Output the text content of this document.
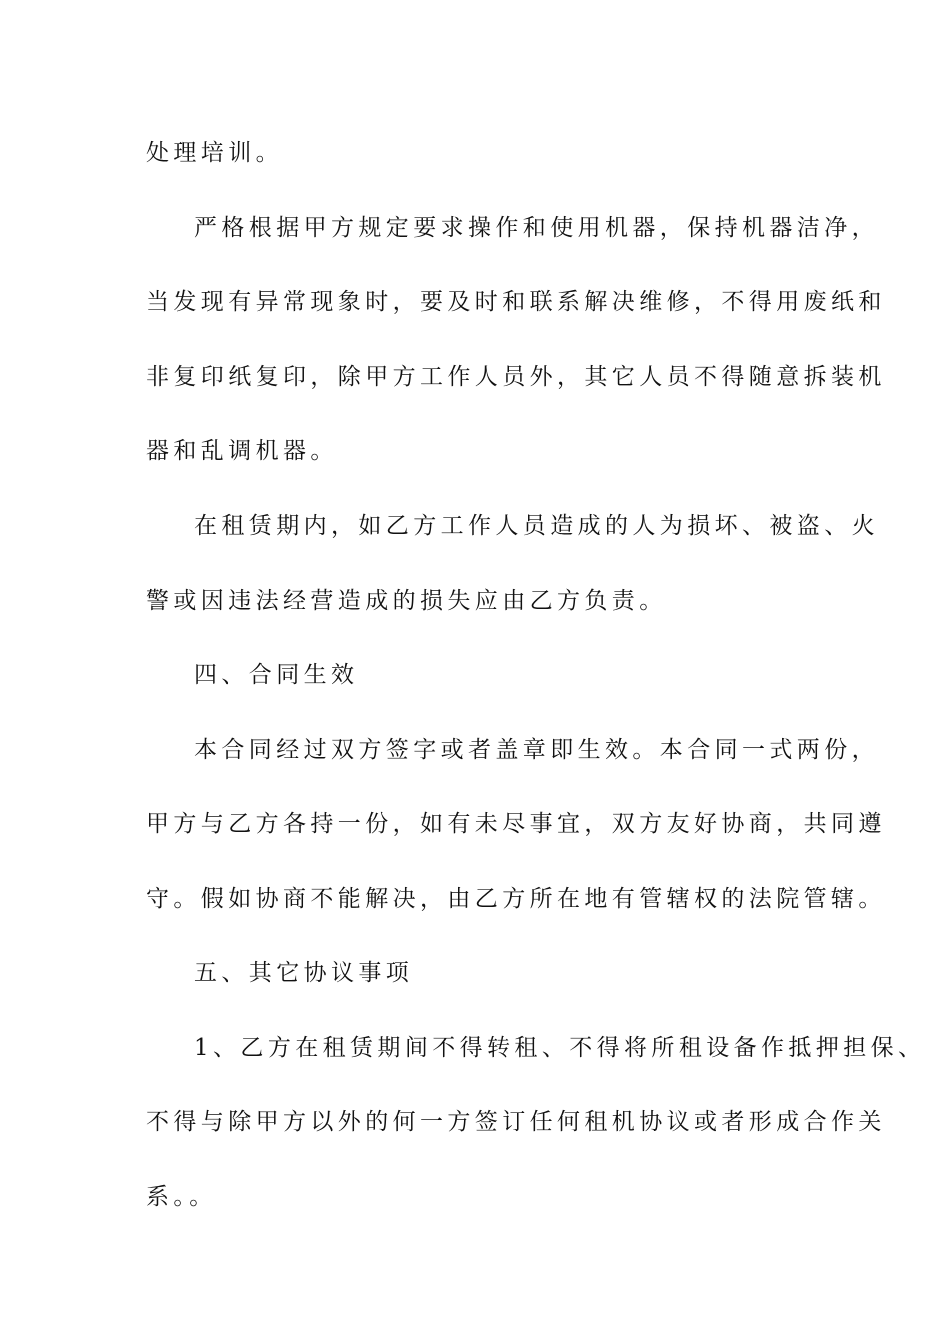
处理培训。
严格根据甲方规定要求操作和使用机器，保持机器洁净，
当发现有异常现象时，要及时和联系解决维修，不得用废纸和
非复印纸复印，除甲方工作人员外，其它人员不得随意拆装机
器和乱调机器。
在租赁期内，如乙方工作人员造成的人为损坏、被盗、火
警或因违法经营造成的损失应由乙方负责。
四、合同生效
本合同经过双方签字或者盖章即生效。本合同一式两份，
甲方与乙方各持一份，如有未尽事宜，双方友好协商，共同遵
守。假如协商不能解决，由乙方所在地有管辖权的法院管辖。
五、其它协议事项
1、乙方在租赁期间不得转租、不得将所租设备作抵押担保、
不得与除甲方以外的何一方签订任何租机协议或者形成合作关
系。。
